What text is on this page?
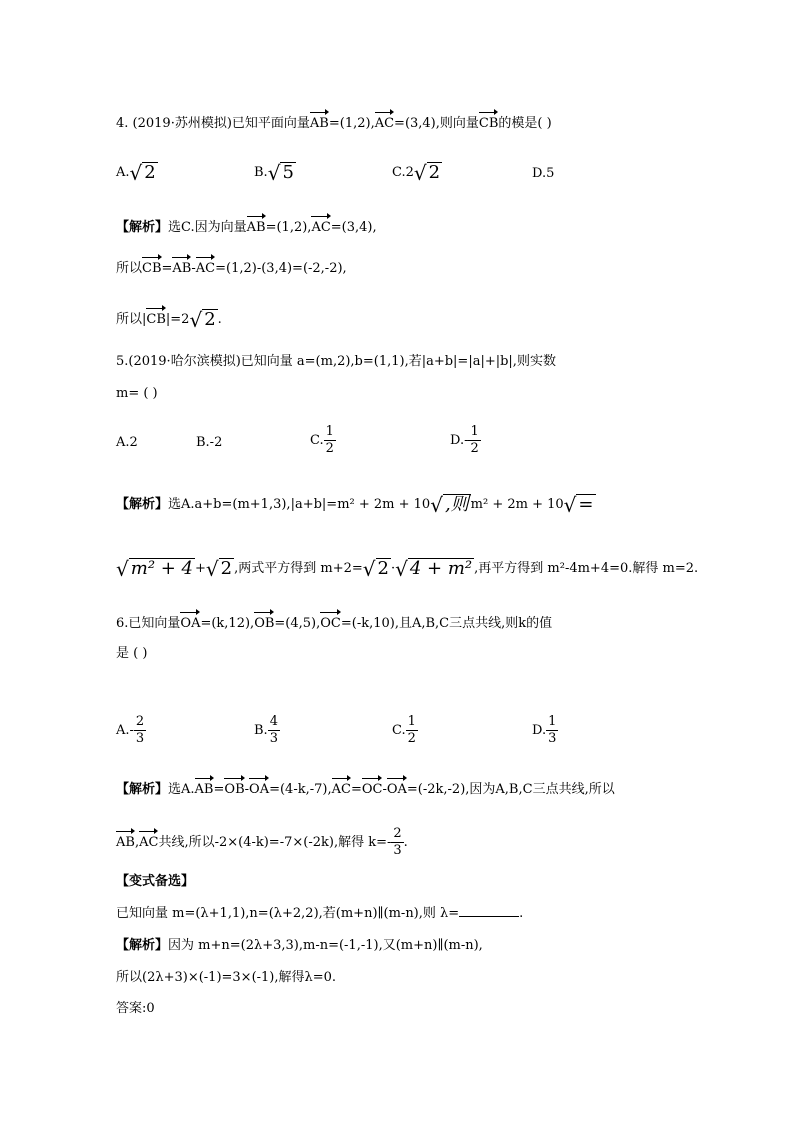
4. (2019·苏州模拟)已知平面向量AB=(1,2),AC=(3,4),则向量CB的模是( )
A. √ 2	B. √ 5	C.2 √ 2	D.5
【解析】选C.因为向量AB=(1,2),AC=(3,4),
所以CB=AB-AC=(1,2)-(3,4)=(-2,-2),
所以|CB|=2 √ 2 .
5.(2019·哈尔滨模拟)已知向量 a=(m,2),b=(1,1),若|a+b|=|a|+|b|,则实数
m= ( )
A.2	B.-2	C. $\frac{1}{2}$	$D.- \frac{1}{2}$
【解析】选A.a+b=(m+1,3),|a+b|=m² + 2m + 10 √ ,则 m² + 2m + 10 √ =
√ m² + 4 + √ 2 ,两式平方得到 m+2= √ 2 · √ 4 + m² ,再平方得到 m²-4m+4=0.解得 m=2.
6.已知向量OA=(k,12),OB=(4,5),OC=(-k,10),且A,B,C三点共线,则k的值
是 ( )
$A.- \frac{2}{3}$	B. $\frac{4}{3}$	C. $\frac{1}{2}$	D. $\frac{1}{3}$
【解析】选A.AB=OB-OA=(4-k,-7),AC=OC-OA=(-2k,-2),因为A,B,C三点共线,所以
AB,AC共线,所以-2×(4-k)=-7×(-2k),解得 $k=- \frac{2}{3}$ .
【变式备选】
已知向量 m=(λ+1,1),n=(λ+2,2),若(m+n)∥(m-n),则 λ=	.
【解析】因为 m+n=(2λ+3,3),m-n=(-1,-1),又(m+n)∥(m-n),
所以(2λ+3)×(-1)=3×(-1),解得λ=0.
答案:0
